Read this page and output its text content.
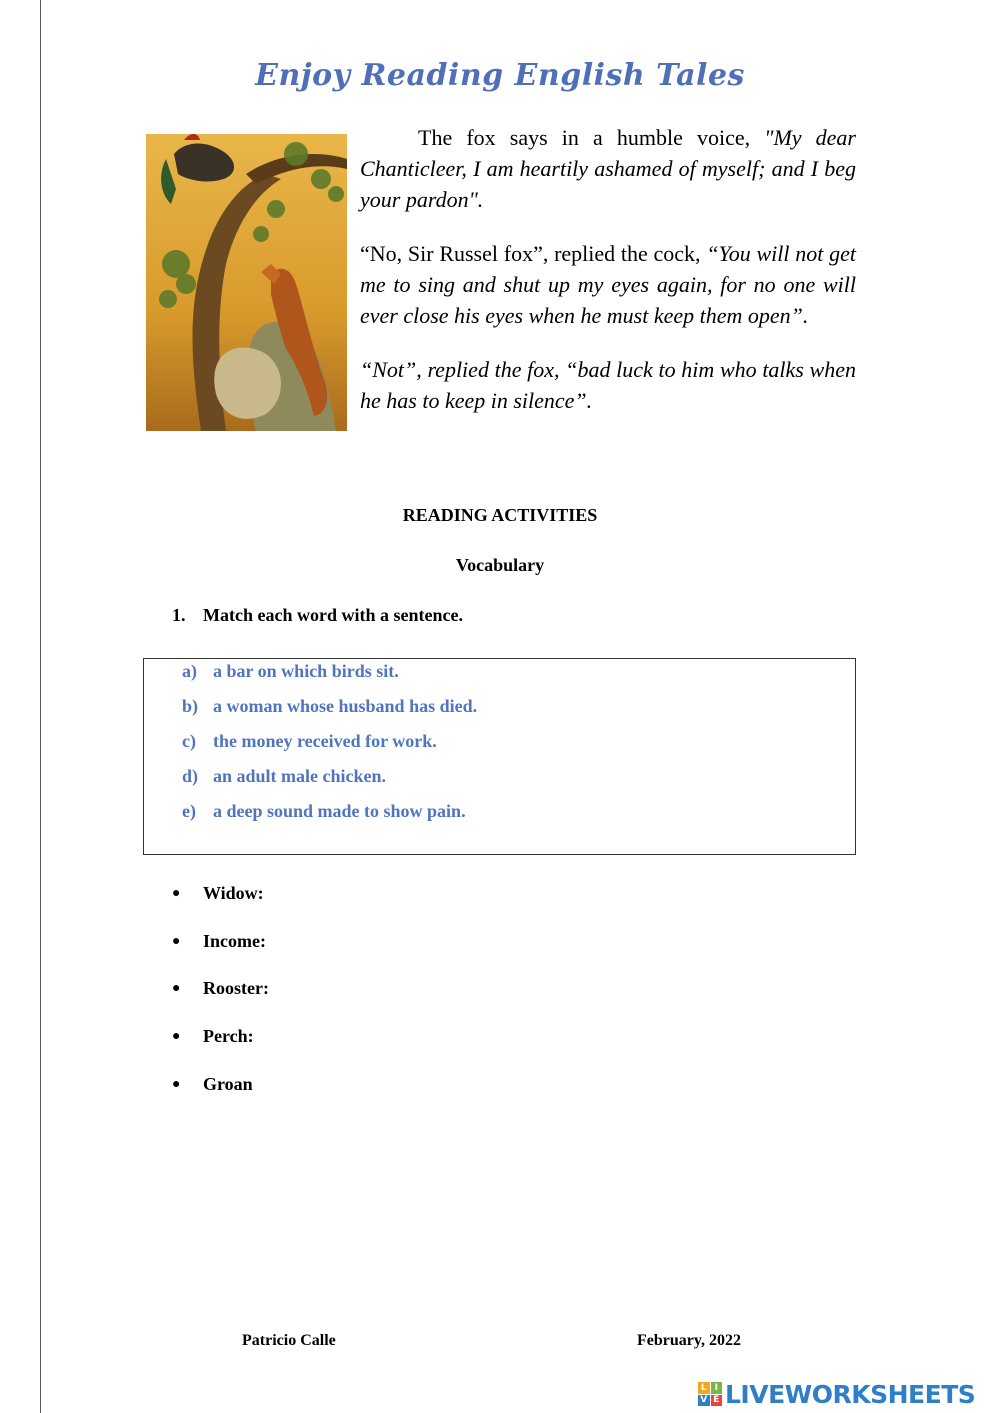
Enjoy Reading English Tales

The fox says in a humble voice, "My dear Chanticleer, I am heartily ashamed of myself; and I beg your pardon".

“No, Sir Russel fox”, replied the cock, “You will not get me to sing and shut up my eyes again, for no one will ever close his eyes when he must keep them open”.

“Not”, replied the fox, “bad luck to him who talks when he has to keep in silence”.

READING ACTIVITIES
Vocabulary
1. Match each word with a sentence.
a) a bar on which birds sit.
b) a woman whose husband has died.
c) the money received for work.
d) an adult male chicken.
e) a deep sound made to show pain.
● Widow:
● Income:
● Rooster:
● Perch:
● Groan
Patricio Calle	February, 2022
L I
V E LIVEWORKSHEETS
